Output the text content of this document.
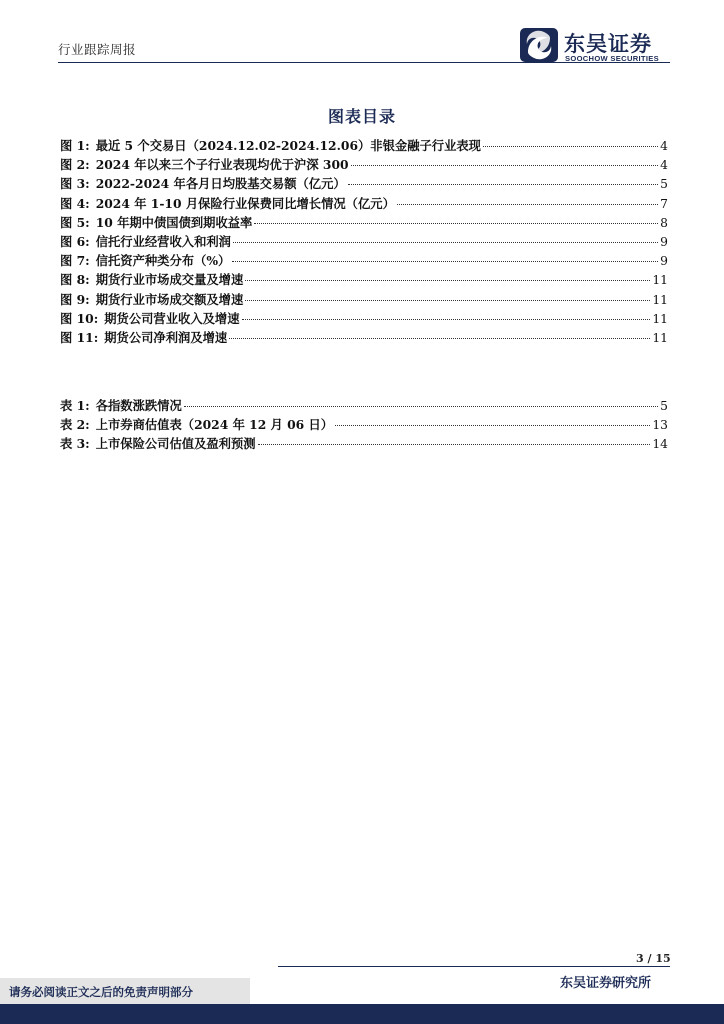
行业跟踪周报	东吴证券
SOOCHOW SECURITIES
图表目录
图 1: 最近 5 个交易日（2024.12.02-2024.12.06）非银金融子行业表现	4
图 2: 2024 年以来三个子行业表现均优于沪深 300	4
图 3: 2022-2024 年各月日均股基交易额（亿元）	5
图 4: 2024 年 1-10 月保险行业保费同比增长情况（亿元）	7
图 5: 10 年期中债国债到期收益率	8
图 6: 信托行业经营收入和利润	9
图 7: 信托资产种类分布（%）	9
图 8: 期货行业市场成交量及增速	11
图 9: 期货行业市场成交额及增速	11
图 10: 期货公司营业收入及增速	11
图 11: 期货公司净利润及增速	11
表 1: 各指数涨跌情况	5
表 2: 上市券商估值表（2024 年 12 月 06 日）	13
表 3: 上市保险公司估值及盈利预测	14
3 / 15
东吴证券研究所
请务必阅读正文之后的免责声明部分
